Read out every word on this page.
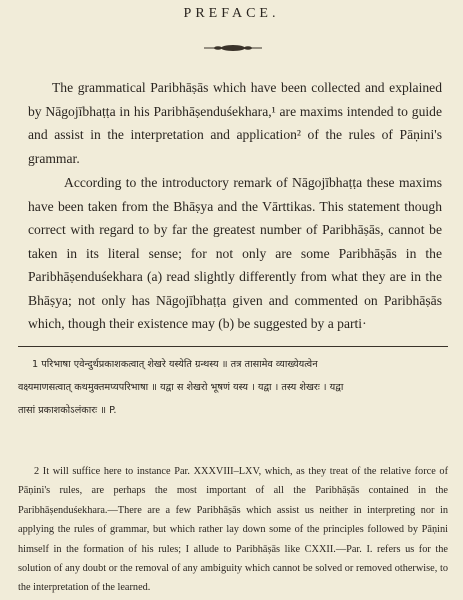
PREFACE.

The grammatical Paribhāṣās which have been collected and explained by Nāgojībhaṭṭa in his Paribhāṣenduśekhara,¹ are maxims intended to guide and assist in the interpretation and application² of the rules of Pāṇini's grammar.

According to the introductory remark of Nāgojībhaṭṭa these maxims have been taken from the Bhāṣya and the Vārttikas. This statement though correct with regard to by far the greatest number of Paribhāṣās, cannot be taken in its literal sense; for not only are some Paribhāṣās in the Paribhāṣenduśekhara (a) read slightly differently from what they are in the Bhāṣya; not only has Nāgojībhaṭṭa given and commented on Paribhāṣās which, though their existence may (b) be suggested by a parti·

1 परिभाषा एवेन्दुर्थप्रकाशकत्वात् शेखरे यस्येति ग्रन्थस्य ॥ तत्र तासामेव व्याख्येयत्वेन
वक्ष्यमाणसत्वात् कथमुक्तमप्यपरिभाषा ॥ यद्वा स शेखरो भूषणं यस्य । यद्वा । तस्य शेखरः । यद्वा
तासां प्रकाशकोऽलंकारः ॥ P.

2 It will suffice here to instance Par. XXXVIII–LXV, which, as they treat of the relative force of Pāṇini's rules, are perhaps the most important of all the Paribhāṣās contained in the Paribhāṣenduśekhara.—There are a few Paribhāṣās which assist us neither in interpreting nor in applying the rules of grammar, but which rather lay down some of the principles followed by Pāṇini himself in the formation of his rules; I allude to Paribhāṣās like CXXII.—Par. I. refers us for the solution of any doubt or the removal of any ambiguity which cannot be solved or removed otherwise, to the interpretation of the learned.
